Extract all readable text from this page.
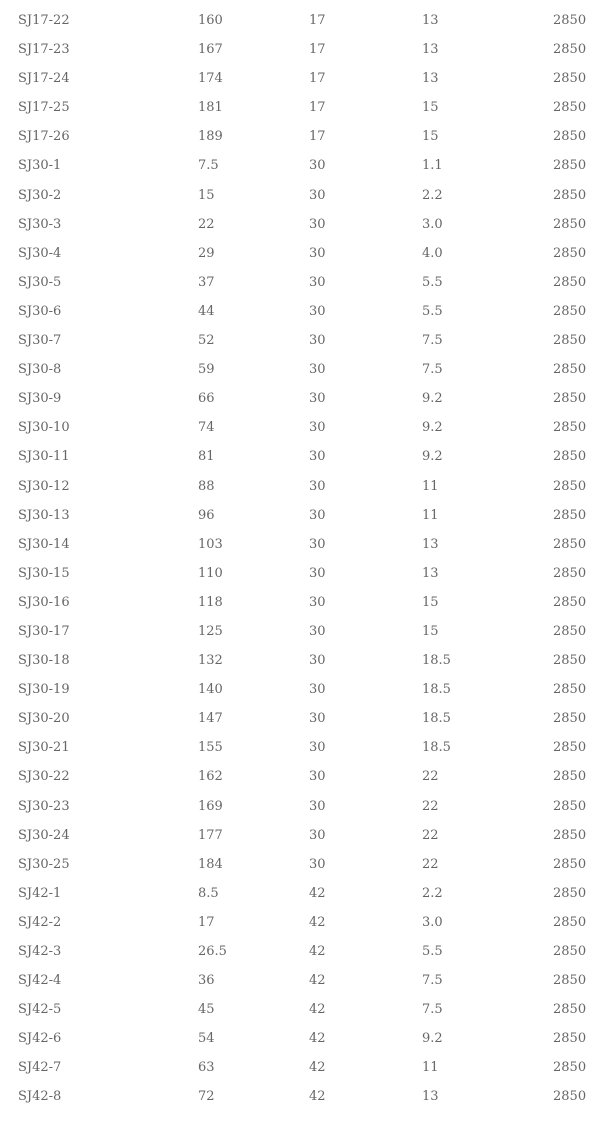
SJ17-22	160	17	13	2850
SJ17-23	167	17	13	2850
SJ17-24	174	17	13	2850
SJ17-25	181	17	15	2850
SJ17-26	189	17	15	2850
SJ30-1	7.5	30	1.1	2850
SJ30-2	15	30	2.2	2850
SJ30-3	22	30	3.0	2850
SJ30-4	29	30	4.0	2850
SJ30-5	37	30	5.5	2850
SJ30-6	44	30	5.5	2850
SJ30-7	52	30	7.5	2850
SJ30-8	59	30	7.5	2850
SJ30-9	66	30	9.2	2850
SJ30-10	74	30	9.2	2850
SJ30-11	81	30	9.2	2850
SJ30-12	88	30	11	2850
SJ30-13	96	30	11	2850
SJ30-14	103	30	13	2850
SJ30-15	110	30	13	2850
SJ30-16	118	30	15	2850
SJ30-17	125	30	15	2850
SJ30-18	132	30	18.5	2850
SJ30-19	140	30	18.5	2850
SJ30-20	147	30	18.5	2850
SJ30-21	155	30	18.5	2850
SJ30-22	162	30	22	2850
SJ30-23	169	30	22	2850
SJ30-24	177	30	22	2850
SJ30-25	184	30	22	2850
SJ42-1	8.5	42	2.2	2850
SJ42-2	17	42	3.0	2850
SJ42-3	26.5	42	5.5	2850
SJ42-4	36	42	7.5	2850
SJ42-5	45	42	7.5	2850
SJ42-6	54	42	9.2	2850
SJ42-7	63	42	11	2850
SJ42-8	72	42	13	2850
